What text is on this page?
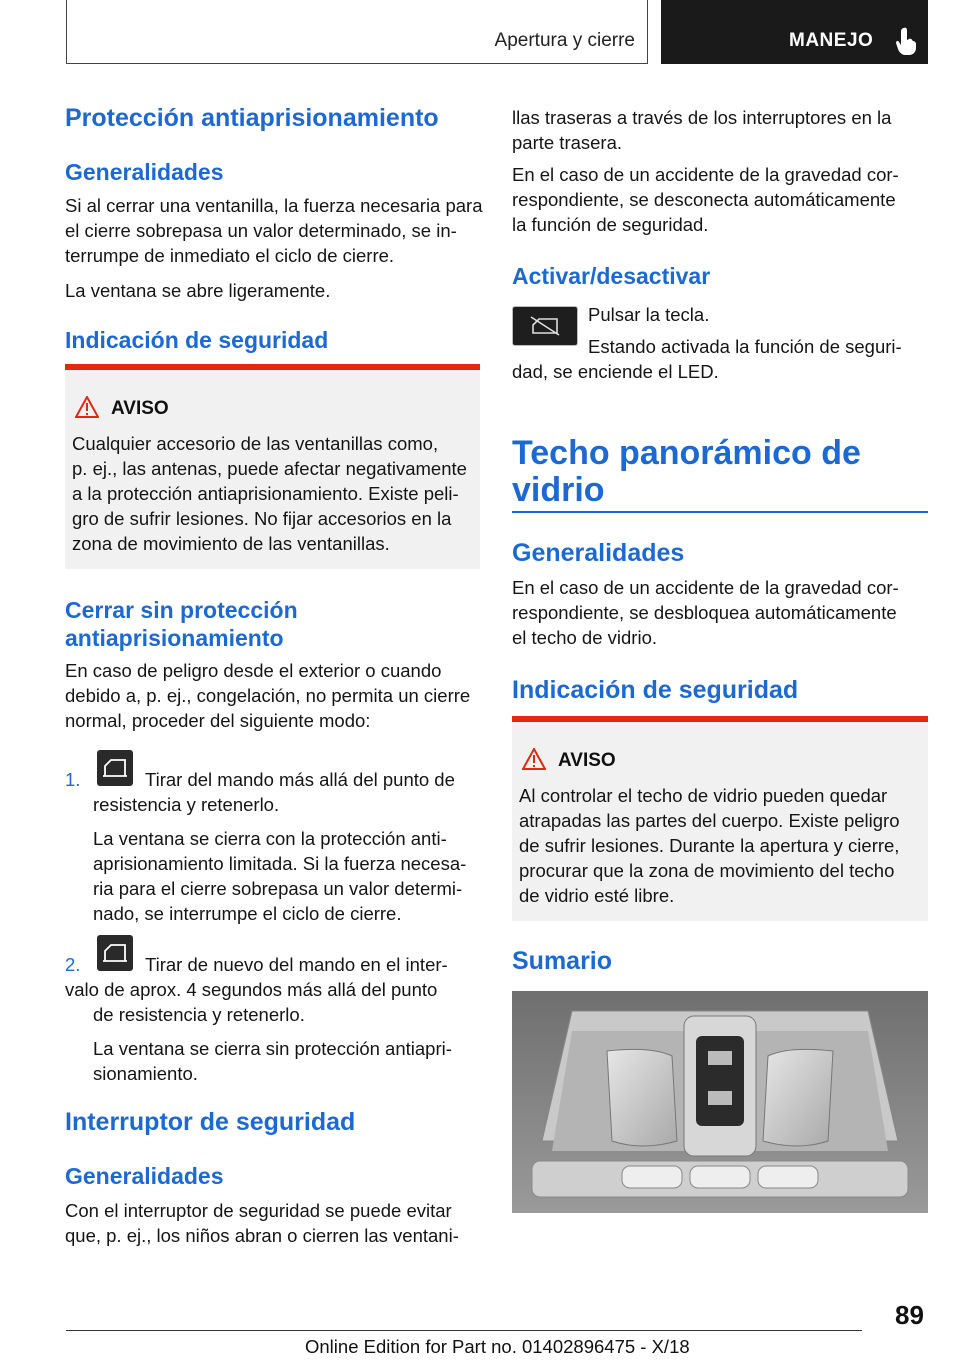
Apertura y cierre	MANEJO
Protección antiaprisionamiento
Generalidades

Si al cerrar una ventanilla, la fuerza necesaria para

el cierre sobrepasa un valor determinado, se in-

terrumpe de inmediato el ciclo de cierre.

La ventana se abre ligeramente.

Indicación de seguridad
AVISO

Cualquier accesorio de las ventanillas como,

p. ej., las antenas, puede afectar negativamente

a la protección antiaprisionamiento. Existe peli-

gro de sufrir lesiones. No fijar accesorios en la

zona de movimiento de las ventanillas.

Cerrar sin protección
antiaprisionamiento

En caso de peligro desde el exterior o cuando

debido a, p. ej., congelación, no permita un cierre

normal, proceder del siguiente modo:

1.	Tirar del mando más allá del punto de

resistencia y retenerlo.

La ventana se cierra con la protección anti-

aprisionamiento limitada. Si la fuerza necesa-

ria para el cierre sobrepasa un valor determi-

nado, se interrumpe el ciclo de cierre.

2.	Tirar de nuevo del mando en el inter-

valo de aprox. 4 segundos más allá del punto

de resistencia y retenerlo.

La ventana se cierra sin protección antiapri-

sionamiento.

Interruptor de seguridad
Generalidades

Con el interruptor de seguridad se puede evitar

que, p. ej., los niños abran o cierren las ventani-

llas traseras a través de los interruptores en la

parte trasera.

En el caso de un accidente de la gravedad cor-

respondiente, se desconecta automáticamente

la función de seguridad.

Activar/desactivar

Pulsar la tecla.

Estando activada la función de seguri-

dad, se enciende el LED.

Techo panorámico de
vidrio
Generalidades

En el caso de un accidente de la gravedad cor-

respondiente, se desbloquea automáticamente

el techo de vidrio.

Indicación de seguridad
AVISO

Al controlar el techo de vidrio pueden quedar

atrapadas las partes del cuerpo. Existe peligro

de sufrir lesiones. Durante la apertura y cierre,

procurar que la zona de movimiento del techo

de vidrio esté libre.

Sumario
89
Online Edition for Part no. 01402896475 - X/18
